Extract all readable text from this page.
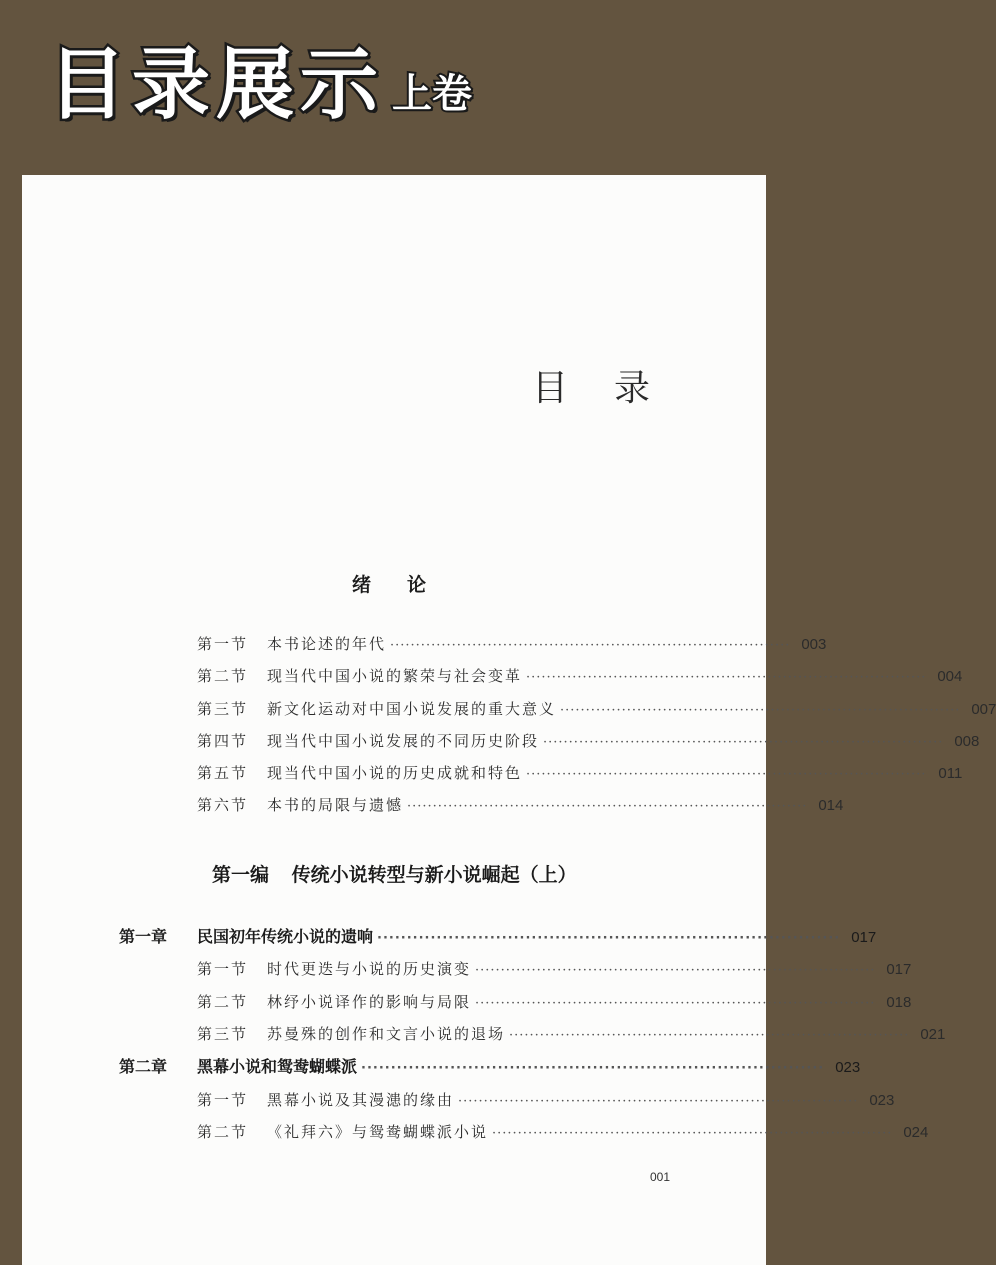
目录展示 上卷
目录
绪论
第一节	本书论述的年代 ·············································································· 003
第二节	现当代中国小说的繁荣与社会变革 ·············································································· 004
第三节	新文化运动对中国小说发展的重大意义 ·············································································· 007
第四节	现当代中国小说发展的不同历史阶段 ·············································································· 008
第五节	现当代中国小说的历史成就和特色 ·············································································· 011
第六节	本书的局限与遗憾 ·············································································· 014
第一编 传统小说转型与新小说崛起（上）
第一章	民国初年传统小说的遗响 ·············································································· 017
第一节	时代更迭与小说的历史演变 ·············································································· 017
第二节	林纾小说译作的影响与局限 ·············································································· 018
第三节	苏曼殊的创作和文言小说的退场 ·············································································· 021
第二章	黑幕小说和鸳鸯蝴蝶派 ·············································································· 023
第一节	黑幕小说及其漫漶的缘由 ·············································································· 023
第二节	《礼拜六》与鸳鸯蝴蝶派小说 ·············································································· 024
001
